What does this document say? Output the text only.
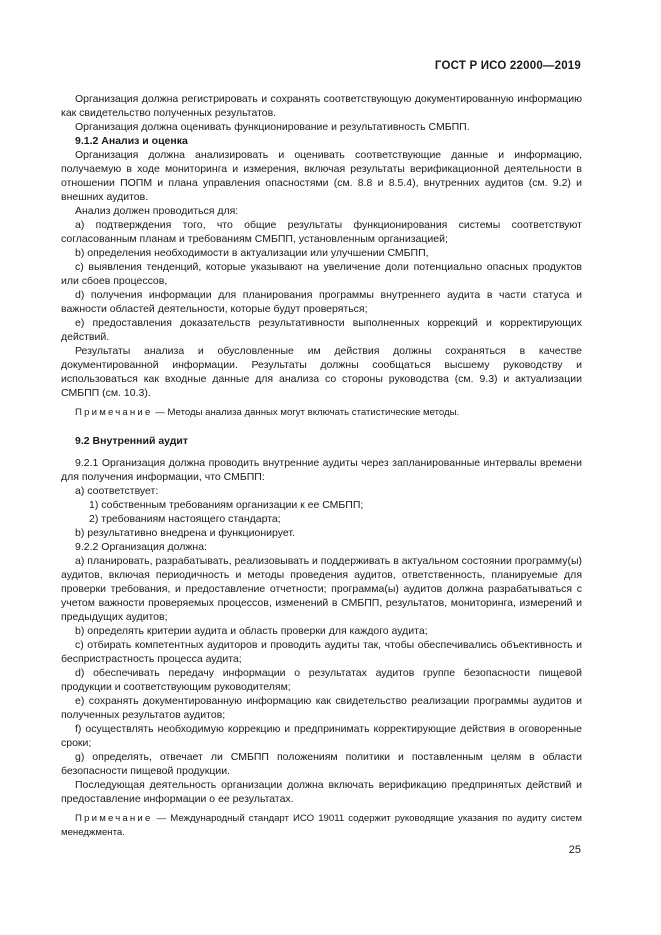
ГОСТ Р ИСО 22000—2019

Организация должна регистрировать и сохранять соответствующую документированную информацию как свидетельство полученных результатов.

Организация должна оценивать функционирование и результативность СМБПП.

9.1.2 Анализ и оценка

Организация должна анализировать и оценивать соответствующие данные и информацию, получаемую в ходе мониторинга и измерения, включая результаты верификационной деятельности в отношении ПОПМ и плана управления опасностями (см. 8.8 и 8.5.4), внутренних аудитов (см. 9.2) и внешних аудитов.

Анализ должен проводиться для:

a) подтверждения того, что общие результаты функционирования системы соответствуют согласованным планам и требованиям СМБПП, установленным организацией;

b) определения необходимости в актуализации или улучшении СМБПП,

c) выявления тенденций, которые указывают на увеличение доли потенциально опасных продуктов или сбоев процессов,

d) получения информации для планирования программы внутреннего аудита в части статуса и важности областей деятельности, которые будут проверяться;

e) предоставления доказательств результативности выполненных коррекций и корректирующих действий.

Результаты анализа и обусловленные им действия должны сохраняться в качестве документированной информации. Результаты должны сообщаться высшему руководству и использоваться как входные данные для анализа со стороны руководства (см. 9.3) и актуализации СМБПП (см. 10.3).

Примечание — Методы анализа данных могут включать статистические методы.

9.2 Внутренний аудит

9.2.1 Организация должна проводить внутренние аудиты через запланированные интервалы времени для получения информации, что СМБПП:

a) соответствует:

1) собственным требованиям организации к ее СМБПП;

2) требованиям настоящего стандарта;

b) результативно внедрена и функционирует.

9.2.2 Организация должна:

a) планировать, разрабатывать, реализовывать и поддерживать в актуальном состоянии программу(ы) аудитов, включая периодичность и методы проведения аудитов, ответственность, планируемые для проверки требования, и предоставление отчетности; программа(ы) аудитов должна разрабатываться с учетом важности проверяемых процессов, изменений в СМБПП, результатов, мониторинга, измерений и предыдущих аудитов;

b) определять критерии аудита и область проверки для каждого аудита;

c) отбирать компетентных аудиторов и проводить аудиты так, чтобы обеспечивались объективность и беспристрастность процесса аудита;

d) обеспечивать передачу информации о результатах аудитов группе безопасности пищевой продукции и соответствующим руководителям;

e) сохранять документированную информацию как свидетельство реализации программы аудитов и полученных результатов аудитов;

f) осуществлять необходимую коррекцию и предпринимать корректирующие действия в оговоренные сроки;

g) определять, отвечает ли СМБПП положениям политики и поставленным целям в области безопасности пищевой продукции.

Последующая деятельность организации должна включать верификацию предпринятых действий и предоставление информации о ее результатах.

Примечание — Международный стандарт ИСО 19011 содержит руководящие указания по аудиту систем менеджмента.

25
